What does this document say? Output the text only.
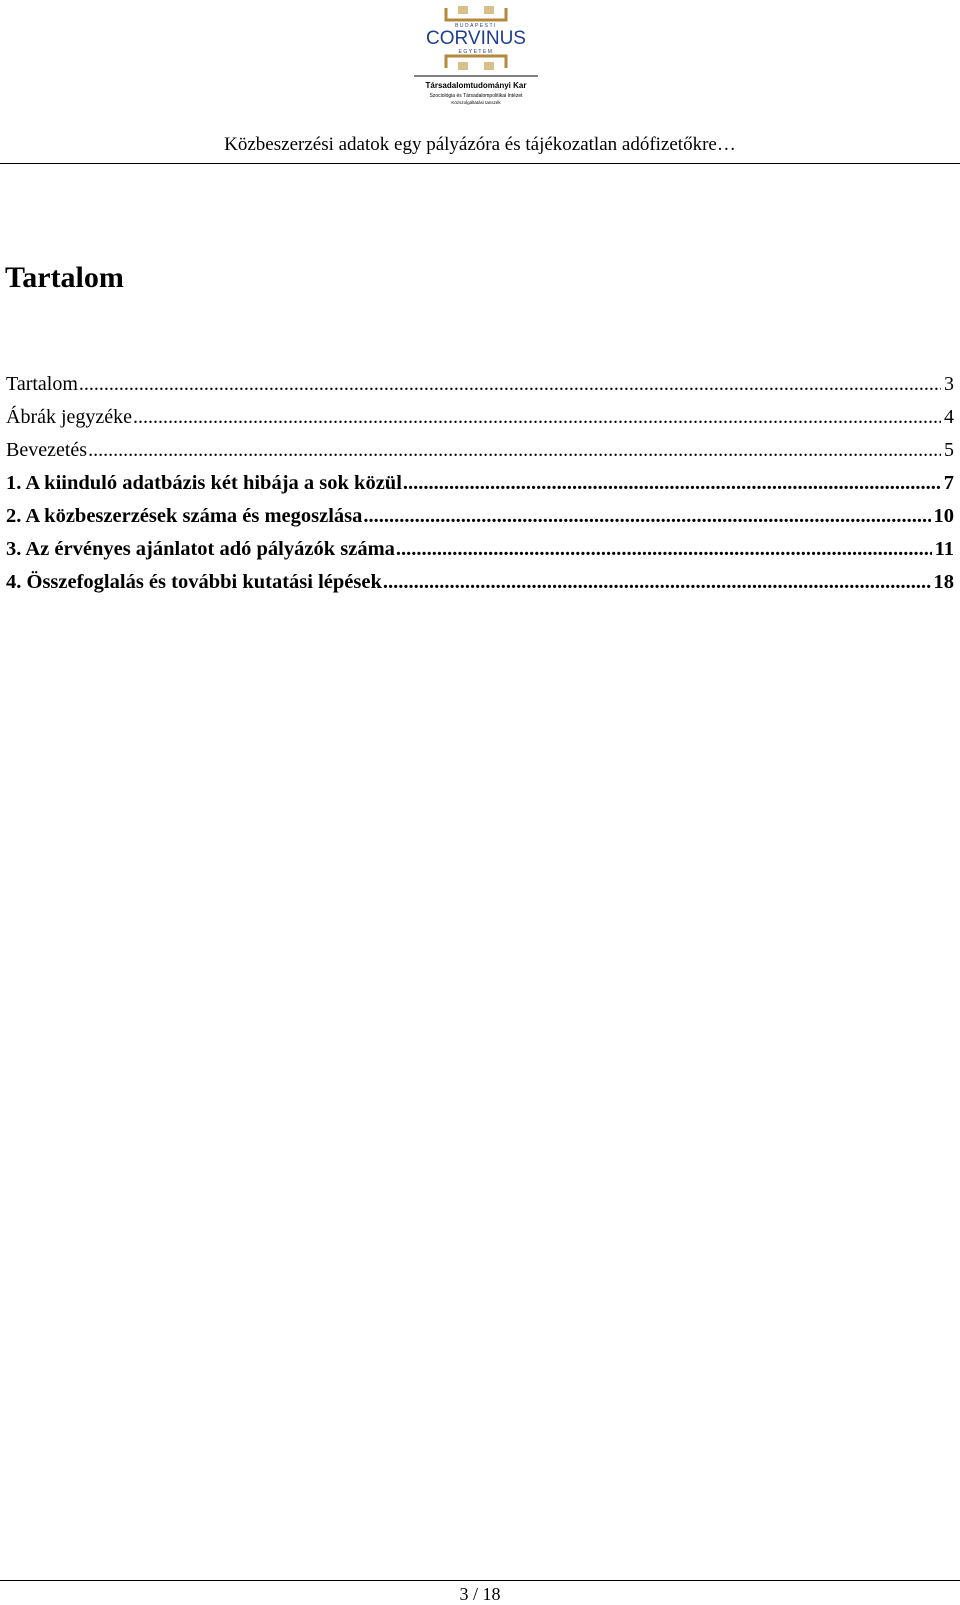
BUDAPESTI
CORVINUS
EGYETEM
Társadalomtudományi Kar
Szociológia és Társadalompolitikai Intézet
Közszolgáltatási tanszék
Közbeszerzési adatok egy pályázóra és tájékozatlan adófizetőkre…
Tartalom
Tartalom .....	3
Ábrák jegyzéke .....	4
Bevezetés .....	5
1. A kiinduló adatbázis két hibája a sok közül .....	7
2. A közbeszerzések száma és megoszlása .....	10
3. Az érvényes ajánlatot adó pályázók száma .....	11
4. Összefoglalás és további kutatási lépések .....	18
3 / 18
